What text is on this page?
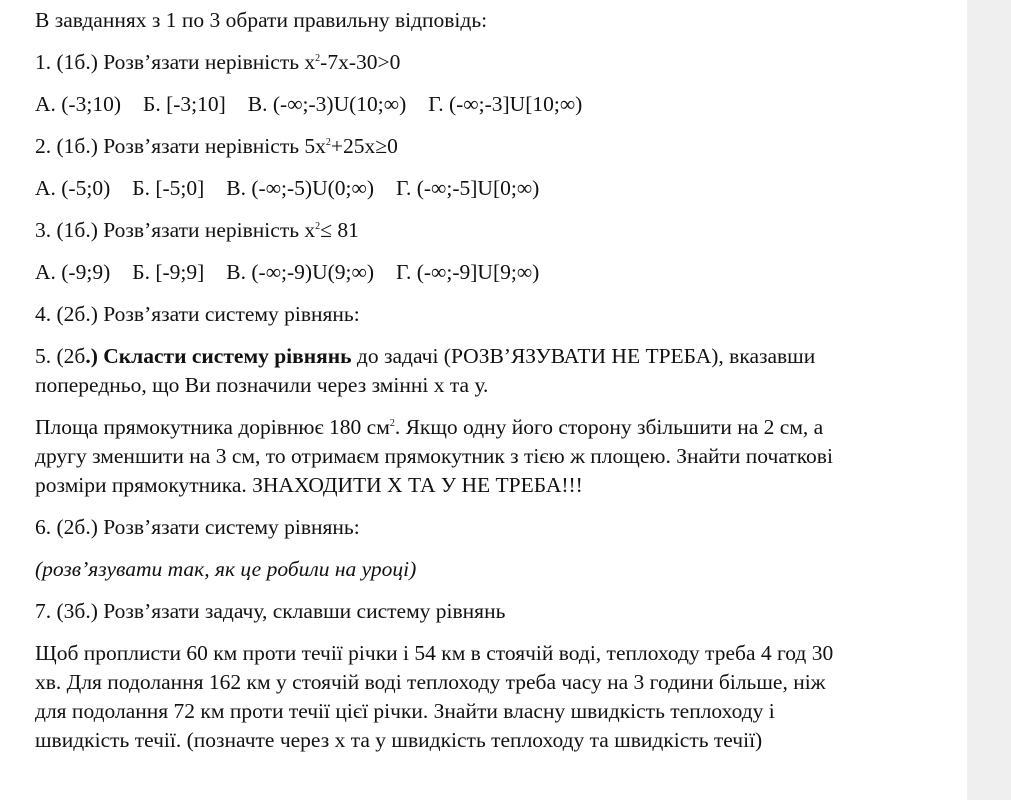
В завданнях з 1 по 3 обрати правильну відповідь:
1. (1б.) Розв’язати нерівність $x^2-7x-30>0$
А. (-3;10) Б. [-3;10] В. (-∞;-3)U(10;∞) Г. (-∞;-3]U[10;∞)
2. (1б.) Розв’язати нерівність $5x^2+25x\ge 0$
А. (-5;0) Б. [-5;0] В. (-∞;-5)U(0;∞) Г. (-∞;-5]U[0;∞)
3. (1б.) Розв’язати нерівність $x^2\le 81$
А. (-9;9) Б. [-9;9] В. (-∞;-9)U(9;∞) Г. (-∞;-9]U[9;∞)
4. (2б.) Розв’язати систему рівнянь:
5. (2б.) Скласти систему рівнянь до задачі (РОЗВ’ЯЗУВАТИ НЕ ТРЕБА), вказавши
попередньо, що Ви позначили через змінні х та у.
Площа прямокутника дорівнює 180 $см^2$. Якщо одну його сторону збільшити на 2 см, а
другу зменшити на 3 см, то отримаєм прямокутник з тією ж площею. Знайти початкові
розміри прямокутника. ЗНАХОДИТИ Х ТА У НЕ ТРЕБА!!!
6. (2б.) Розв’язати систему рівнянь:
(розв’язувати так, як це робили на уроці)
7. (3б.) Розв’язати задачу, склавши систему рівнянь
Щоб проплисти 60 км проти течії річки і 54 км в стоячій воді, теплоходу треба 4 год 30
хв. Для подолання 162 км у стоячій воді теплоходу треба часу на 3 години більше, ніж
для подолання 72 км проти течії цієї річки. Знайти власну швидкість теплоходу і
швидкість течії. (позначте через х та у швидкість теплоходу та швидкість течії)
